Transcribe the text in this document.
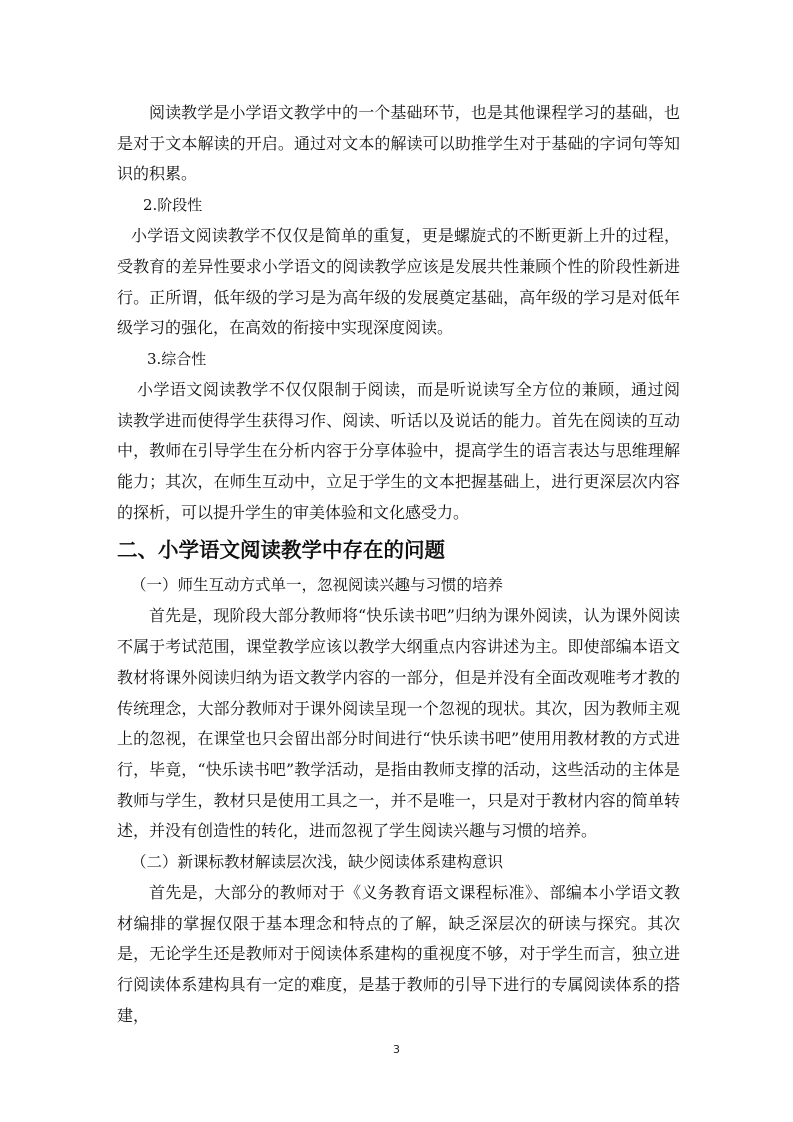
阅读教学是小学语文教学中的一个基础环节，也是其他课程学习的基础，也是对于文本解读的开启。通过对文本的解读可以助推学生对于基础的字词句等知识的积累。

2.阶段性

小学语文阅读教学不仅仅是简单的重复，更是螺旋式的不断更新上升的过程，受教育的差异性要求小学语文的阅读教学应该是发展共性兼顾个性的阶段性新进行。正所谓，低年级的学习是为高年级的发展奠定基础，高年级的学习是对低年级学习的强化，在高效的衔接中实现深度阅读。

3.综合性

小学语文阅读教学不仅仅限制于阅读，而是听说读写全方位的兼顾，通过阅读教学进而使得学生获得习作、阅读、听话以及说话的能力。首先在阅读的互动中，教师在引导学生在分析内容于分享体验中，提高学生的语言表达与思维理解能力；其次，在师生互动中，立足于学生的文本把握基础上，进行更深层次内容的探析，可以提升学生的审美体验和文化感受力。

二、小学语文阅读教学中存在的问题

（一）师生互动方式单一，忽视阅读兴趣与习惯的培养

首先是，现阶段大部分教师将“快乐读书吧”归纳为课外阅读，认为课外阅读不属于考试范围，课堂教学应该以教学大纲重点内容讲述为主。即使部编本语文教材将课外阅读归纳为语文教学内容的一部分，但是并没有全面改观唯考才教的传统理念，大部分教师对于课外阅读呈现一个忽视的现状。其次，因为教师主观上的忽视，在课堂也只会留出部分时间进行“快乐读书吧”使用用教材教的方式进行，毕竟，“快乐读书吧”教学活动，是指由教师支撑的活动，这些活动的主体是教师与学生，教材只是使用工具之一，并不是唯一，只是对于教材内容的简单转述，并没有创造性的转化，进而忽视了学生阅读兴趣与习惯的培养。

（二）新课标教材解读层次浅，缺少阅读体系建构意识

首先是，大部分的教师对于《义务教育语文课程标准》、部编本小学语文教材编排的掌握仅限于基本理念和特点的了解，缺乏深层次的研读与探究。其次是，无论学生还是教师对于阅读体系建构的重视度不够，对于学生而言，独立进行阅读体系建构具有一定的难度，是基于教师的引导下进行的专属阅读体系的搭建，

3
